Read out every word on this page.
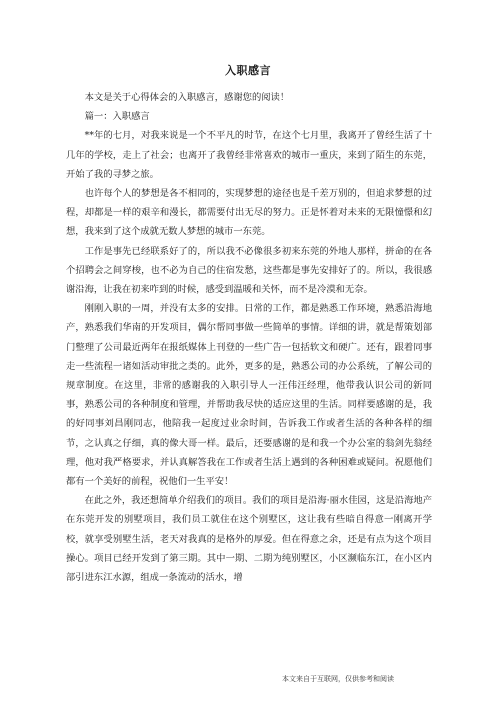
入职感言

本文是关于心得体会的入职感言，感谢您的阅读！

篇一：入职感言

**年的七月，对我来说是一个不平凡的时节，在这个七月里，我离开了曾经生活了十几年的学校，走上了社会；也离开了我曾经非常喜欢的城市一重庆，来到了陌生的东莞，开始了我的寻梦之旅。

也许每个人的梦想是各不相同的，实现梦想的途径也是千差万别的，但追求梦想的过程，却都是一样的艰辛和漫长，都需要付出无尽的努力。正是怀着对未来的无限憧憬和幻想，我来到了这个成就无数人梦想的城市一东莞。

工作是事先已经联系好了的，所以我不必像很多初来东莞的外地人那样，拼命的在各个招聘会之间穿梭，也不必为自己的住宿发愁，这些都是事先安排好了的。所以，我很感谢沿海，让我在初来咋到的时候，感受到温暖和关怀，而不是冷漠和无奈。

刚刚入职的一周，并没有太多的安排。日常的工作，都是熟悉工作环境，熟悉沿海地产，熟悉我们华南的开发项目，偶尔帮同事做一些简单的事情。详细的讲，就是帮策划部门整理了公司最近两年在报纸媒体上刊登的一些广告一包括软文和硬广。还有，跟着同事走一些流程一诸如活动审批之类的。此外，更多的是，熟悉公司的办公系统，了解公司的规章制度。在这里，非常的感谢我的入职引导人一汪伟汪经理，他带我认识公司的新同事，熟悉公司的各种制度和管理，并帮助我尽快的适应这里的生活。同样要感谢的是，我的好同事刘昌刚同志，他陪我一起度过业余时间，告诉我工作或者生活的各种各样的细节，之认真之仔细，真的像大哥一样。最后，还要感谢的是和我一个办公室的翁剑先翁经理，他对我严格要求，并认真解答我在工作或者生活上遇到的各种困难或疑问。祝愿他们都有一个美好的前程，祝他们一生平安！

在此之外，我还想简单介绍我们的项目。我们的项目是沿海·丽水佳园，这是沿海地产在东莞开发的别墅项目，我们员工就住在这个别墅区，这让我有些暗自得意一刚离开学校，就享受别墅生活，老天对我真的是格外的厚爱。但在得意之余，还是有点为这个项目操心。项目已经开发到了第三期。其中一期、二期为纯别墅区，小区濒临东江，在小区内部引进东江水源，组成一条流动的活水，增

本文来自于互联网，仅供参考和阅读
